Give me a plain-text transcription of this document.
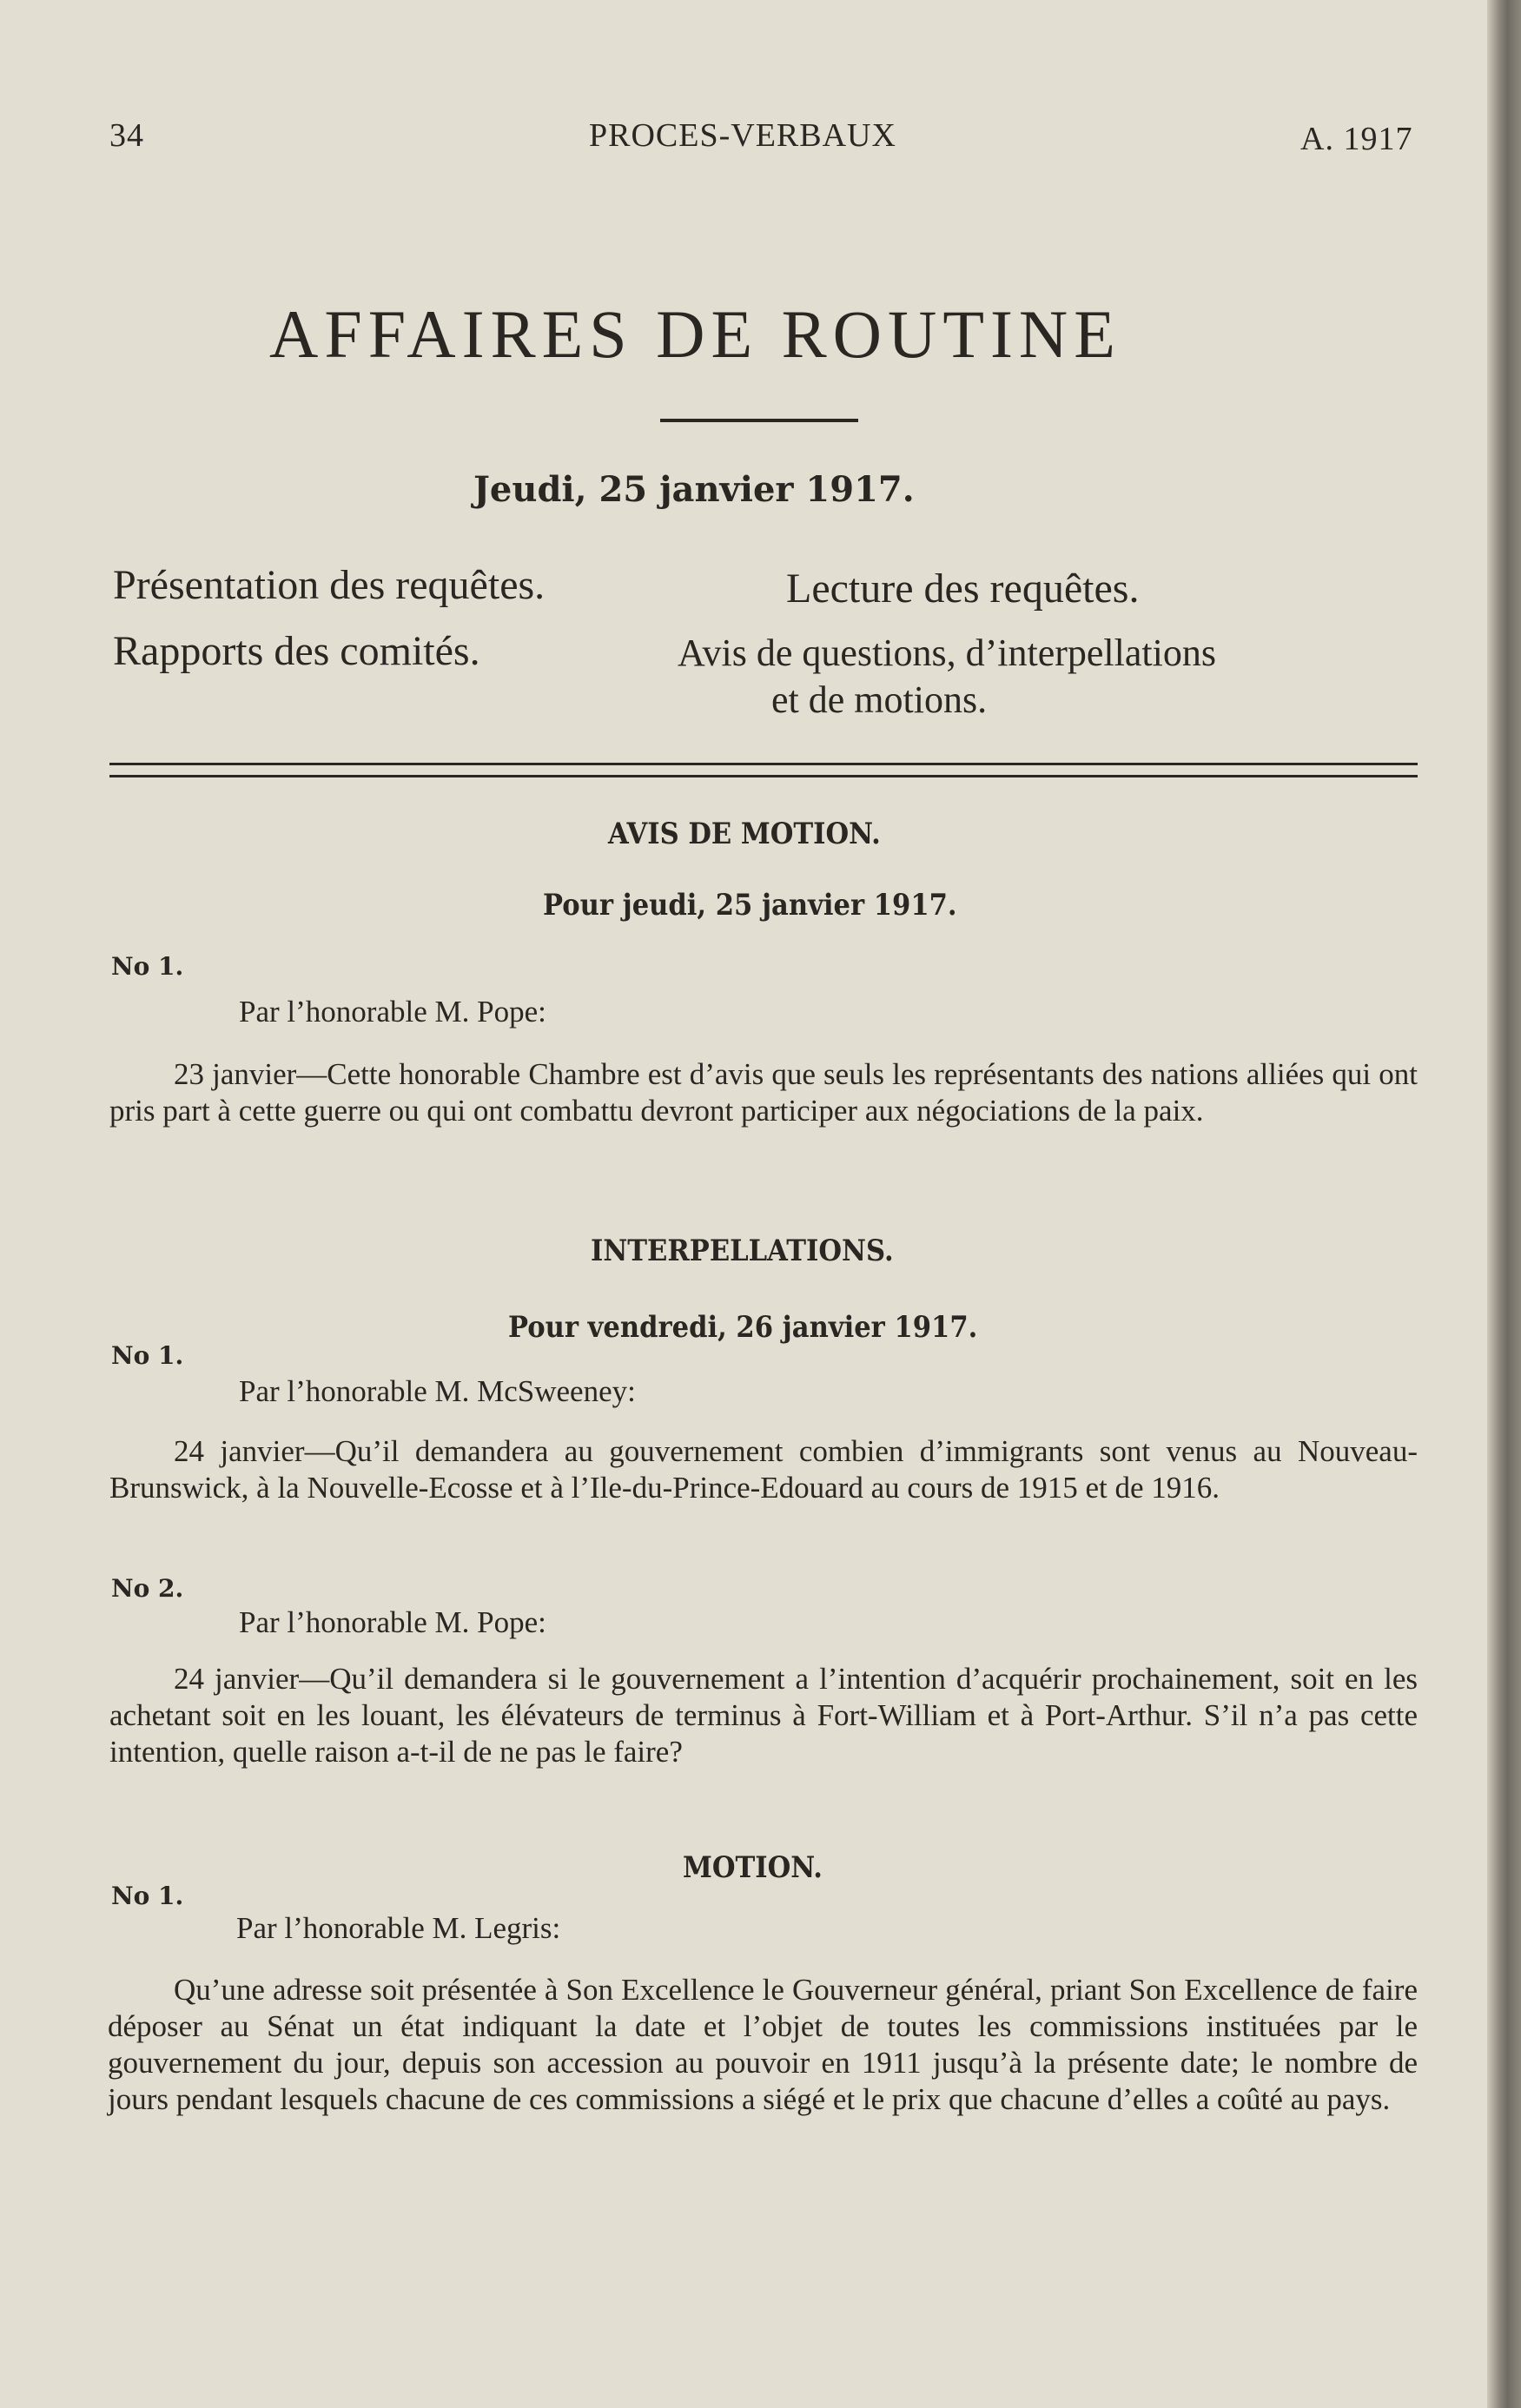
34	PROCES-VERBAUX	A. 1917
AFFAIRES DE ROUTINE
Jeudi, 25 janvier 1917.
Présentation des requêtes.
Rapports des comités.
Lecture des requêtes.
Avis de questions, d’interpellations
et de motions.
AVIS DE MOTION.
Pour jeudi, 25 janvier 1917.
No 1.
Par l’honorable M. Pope:
23 janvier—Cette honorable Chambre est d’avis que seuls les représentants des nations alliées qui ont pris part à cette guerre ou qui ont combattu devront participer aux négociations de la paix.
INTERPELLATIONS.
Pour vendredi, 26 janvier 1917.
No 1.
Par l’honorable M. McSweeney:
24 janvier—Qu’il demandera au gouvernement combien d’immigrants sont venus au Nouveau-Brunswick, à la Nouvelle-Ecosse et à l’Ile-du-Prince-Edouard au cours de 1915 et de 1916.
No 2.
Par l’honorable M. Pope:
24 janvier—Qu’il demandera si le gouvernement a l’intention d’acquérir prochainement, soit en les achetant soit en les louant, les élévateurs de terminus à Fort-William et à Port-Arthur. S’il n’a pas cette intention, quelle raison a-t-il de ne pas le faire?
MOTION.
No 1.
Par l’honorable M. Legris:
Qu’une adresse soit présentée à Son Excellence le Gouverneur général, priant Son Excellence de faire déposer au Sénat un état indiquant la date et l’objet de toutes les commissions instituées par le gouvernement du jour, depuis son accession au pouvoir en 1911 jusqu’à la présente date; le nombre de jours pendant lesquels chacune de ces commissions a siégé et le prix que chacune d’elles a coûté au pays.
